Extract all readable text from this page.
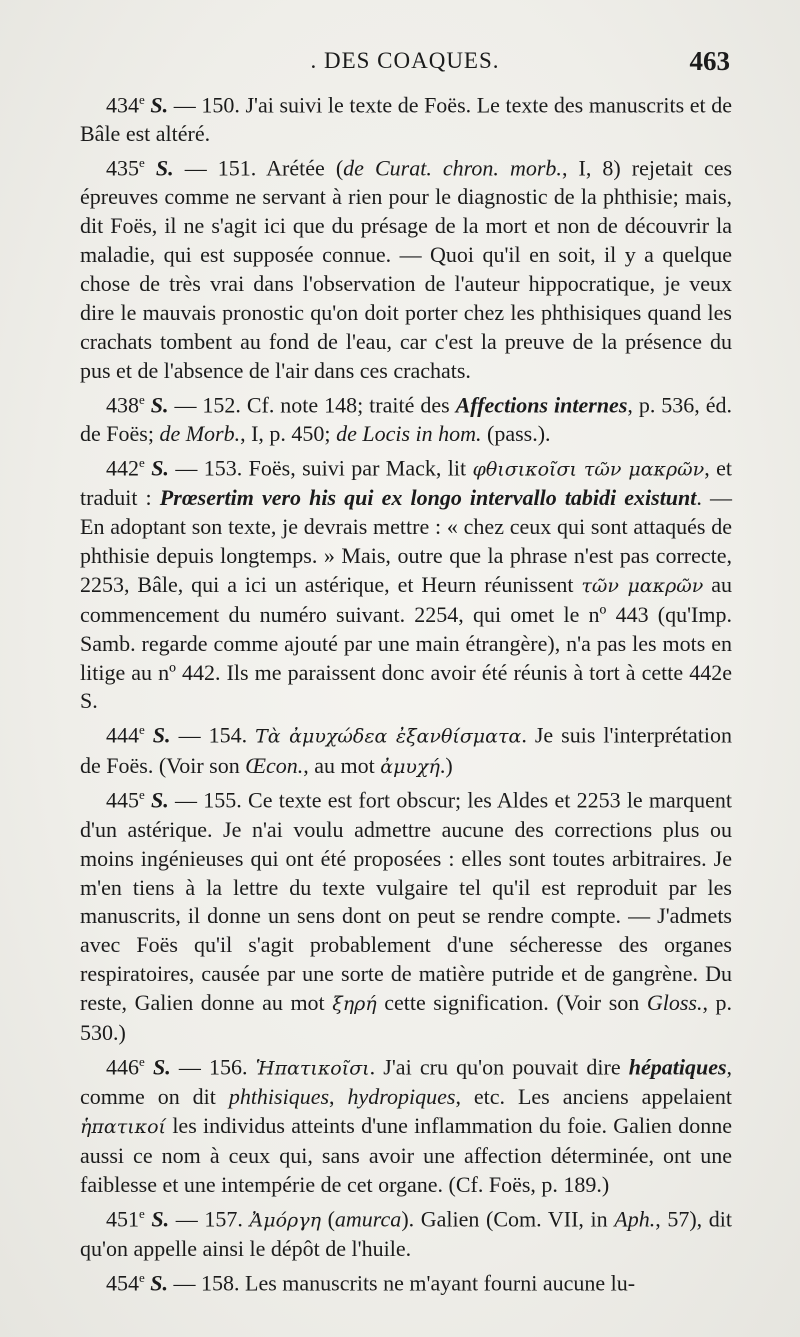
. DES COAQUES.	463

434e S. — 150. J'ai suivi le texte de Foës. Le texte des manuscrits et de Bâle est altéré.

435e S. — 151. Arétée (de Curat. chron. morb., I, 8) rejetait ces épreuves comme ne servant à rien pour le diagnostic de la phthisie; mais, dit Foës, il ne s'agit ici que du présage de la mort et non de découvrir la maladie, qui est supposée connue. — Quoi qu'il en soit, il y a quelque chose de très vrai dans l'observation de l'auteur hippocratique, je veux dire le mauvais pronostic qu'on doit porter chez les phthisiques quand les crachats tombent au fond de l'eau, car c'est la preuve de la présence du pus et de l'absence de l'air dans ces crachats.

438e S. — 152. Cf. note 148; traité des Affections internes, p. 536, éd. de Foës; de Morb., I, p. 450; de Locis in hom. (pass.).

442e S. — 153. Foës, suivi par Mack, lit φθισικοῖσι τῶν μακρῶν, et traduit : Prœsertim vero his qui ex longo intervallo tabidi existunt. — En adoptant son texte, je devrais mettre : « chez ceux qui sont attaqués de phthisie depuis longtemps. » Mais, outre que la phrase n'est pas correcte, 2253, Bâle, qui a ici un astérique, et Heurn réunissent τῶν μακρῶν au commencement du numéro suivant. 2254, qui omet le nº 443 (qu'Imp. Samb. regarde comme ajouté par une main étrangère), n'a pas les mots en litige au nº 442. Ils me paraissent donc avoir été réunis à tort à cette 442e S.

444e S. — 154. Τὰ ἀμυχώδεα ἐξανθίσματα. Je suis l'interprétation de Foës. (Voir son Œcon., au mot ἀμυχή.)

445e S. — 155. Ce texte est fort obscur; les Aldes et 2253 le marquent d'un astérique. Je n'ai voulu admettre aucune des corrections plus ou moins ingénieuses qui ont été proposées : elles sont toutes arbitraires. Je m'en tiens à la lettre du texte vulgaire tel qu'il est reproduit par les manuscrits, il donne un sens dont on peut se rendre compte. — J'admets avec Foës qu'il s'agit probablement d'une sécheresse des organes respiratoires, causée par une sorte de matière putride et de gangrène. Du reste, Galien donne au mot ξηρή cette signification. (Voir son Gloss., p. 530.)

446e S. — 156. Ἡπατικοῖσι. J'ai cru qu'on pouvait dire hépatiques, comme on dit phthisiques, hydropiques, etc. Les anciens appelaient ἡπατικοί les individus atteints d'une inflammation du foie. Galien donne aussi ce nom à ceux qui, sans avoir une affection déterminée, ont une faiblesse et une intempérie de cet organe. (Cf. Foës, p. 189.)

451e S. — 157. Ἀμόργη (amurca). Galien (Com. VII, in Aph., 57), dit qu'on appelle ainsi le dépôt de l'huile.

454e S. — 158. Les manuscrits ne m'ayant fourni aucune lu-
